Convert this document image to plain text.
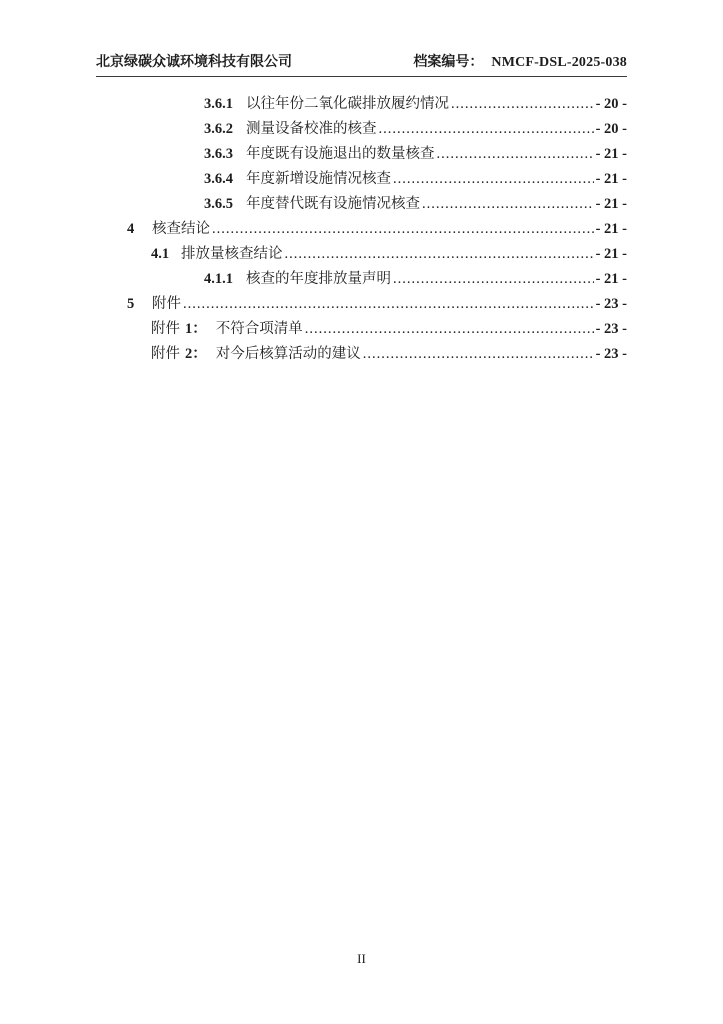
北京绿碳众诚环境科技有限公司	档案编号： NMCF-DSL-2025-038
3.6.1 以往年份二氧化碳排放履约情况 .....	- 20 -
3.6.2 测量设备校准的核查 .....	- 20 -
3.6.3 年度既有设施退出的数量核查 .....	- 21 -
3.6.4 年度新增设施情况核查 .....	- 21 -
3.6.5 年度替代既有设施情况核查 .....	- 21 -
4	核查结论 .....	- 21 -
4.1 排放量核查结论 .....	- 21 -
4.1.1 核查的年度排放量声明 .....	- 21 -
5	附件 .....	- 23 -
附件 1： 不符合项清单 .....	- 23 -
附件 2： 对今后核算活动的建议 .....	- 23 -
II
